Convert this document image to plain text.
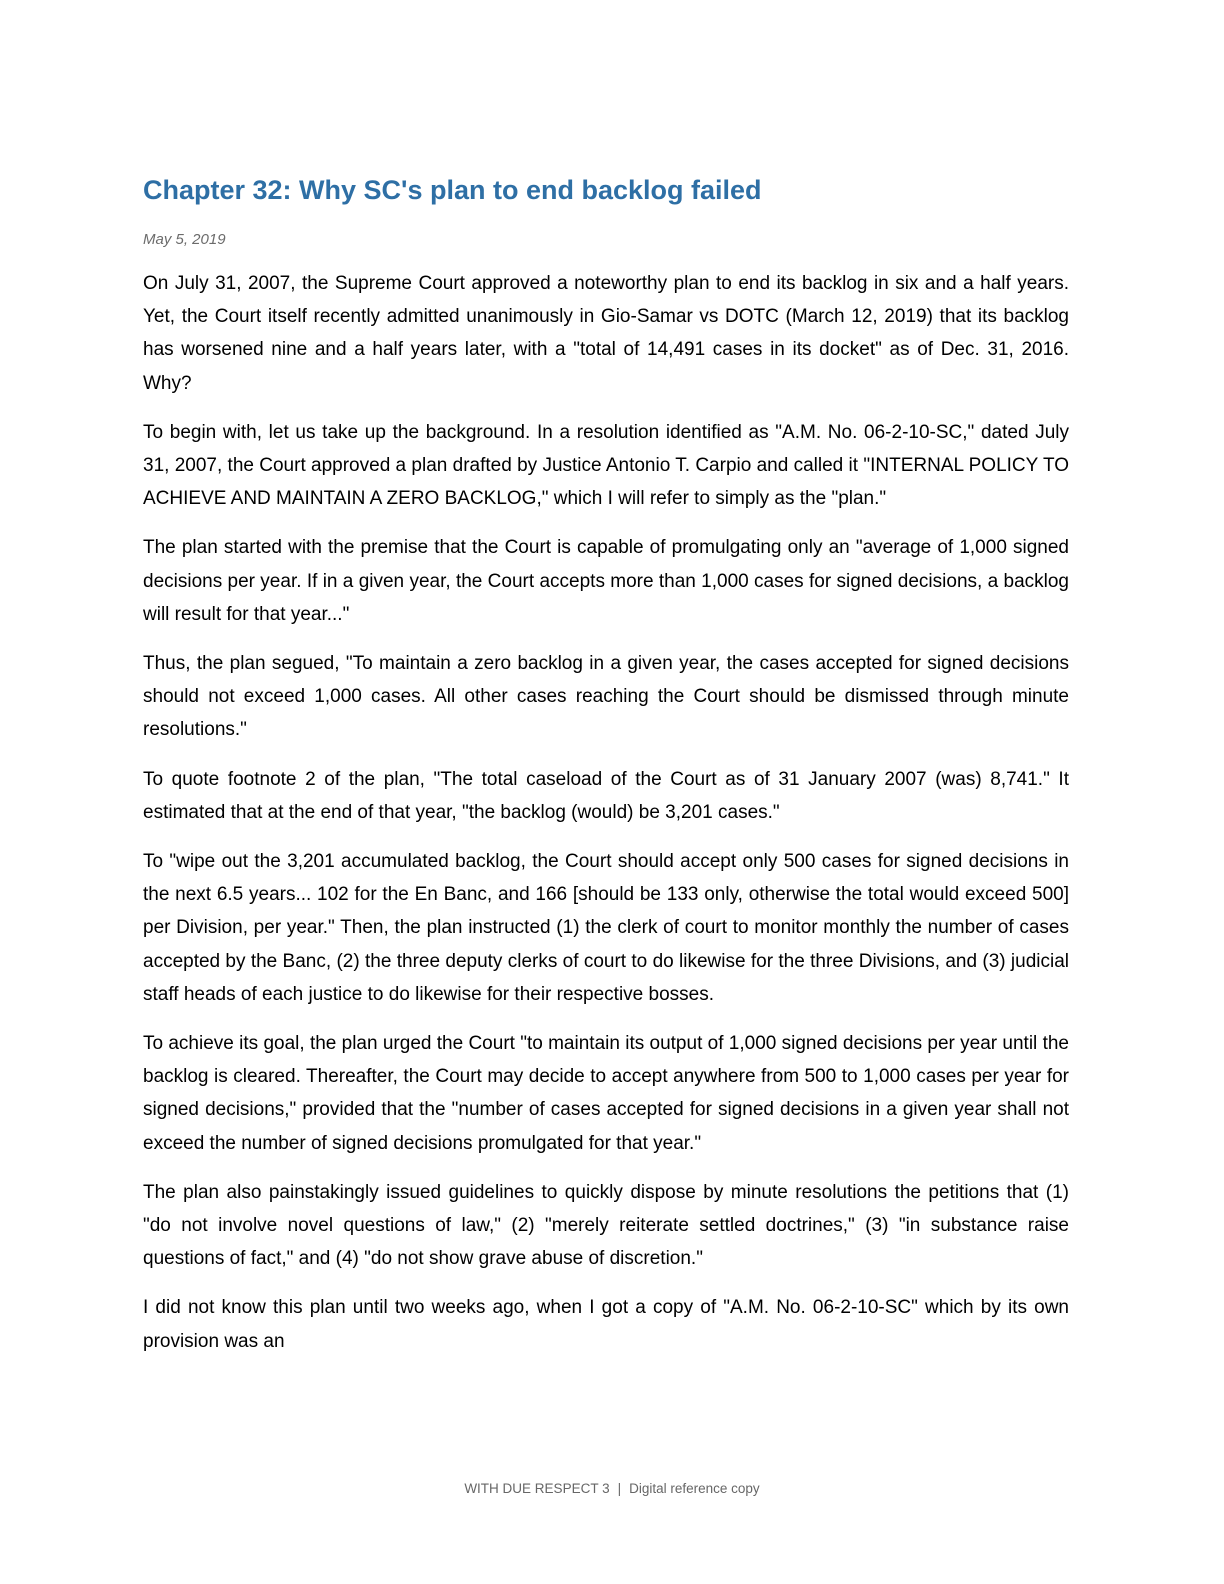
Chapter 32: Why SC's plan to end backlog failed
May 5, 2019

On July 31, 2007, the Supreme Court approved a noteworthy plan to end its backlog in six and a half years. Yet, the Court itself recently admitted unanimously in Gio-Samar vs DOTC (March 12, 2019) that its backlog has worsened nine and a half years later, with a "total of 14,491 cases in its docket" as of Dec. 31, 2016. Why?

To begin with, let us take up the background. In a resolution identified as "A.M. No. 06-2-10-SC," dated July 31, 2007, the Court approved a plan drafted by Justice Antonio T. Carpio and called it "INTERNAL POLICY TO ACHIEVE AND MAINTAIN A ZERO BACKLOG," which I will refer to simply as the "plan."

The plan started with the premise that the Court is capable of promulgating only an "average of 1,000 signed decisions per year. If in a given year, the Court accepts more than 1,000 cases for signed decisions, a backlog will result for that year..."

Thus, the plan segued, "To maintain a zero backlog in a given year, the cases accepted for signed decisions should not exceed 1,000 cases. All other cases reaching the Court should be dismissed through minute resolutions."

To quote footnote 2 of the plan, "The total caseload of the Court as of 31 January 2007 (was) 8,741." It estimated that at the end of that year, "the backlog (would) be 3,201 cases."

To "wipe out the 3,201 accumulated backlog, the Court should accept only 500 cases for signed decisions in the next 6.5 years... 102 for the En Banc, and 166 [should be 133 only, otherwise the total would exceed 500] per Division, per year." Then, the plan instructed (1) the clerk of court to monitor monthly the number of cases accepted by the Banc, (2) the three deputy clerks of court to do likewise for the three Divisions, and (3) judicial staff heads of each justice to do likewise for their respective bosses.

To achieve its goal, the plan urged the Court "to maintain its output of 1,000 signed decisions per year until the backlog is cleared. Thereafter, the Court may decide to accept anywhere from 500 to 1,000 cases per year for signed decisions," provided that the "number of cases accepted for signed decisions in a given year shall not exceed the number of signed decisions promulgated for that year."

The plan also painstakingly issued guidelines to quickly dispose by minute resolutions the petitions that (1) "do not involve novel questions of law," (2) "merely reiterate settled doctrines," (3) "in substance raise questions of fact," and (4) "do not show grave abuse of discretion."

I did not know this plan until two weeks ago, when I got a copy of "A.M. No. 06-2-10-SC" which by its own provision was an

WITH DUE RESPECT 3 | Digital reference copy
